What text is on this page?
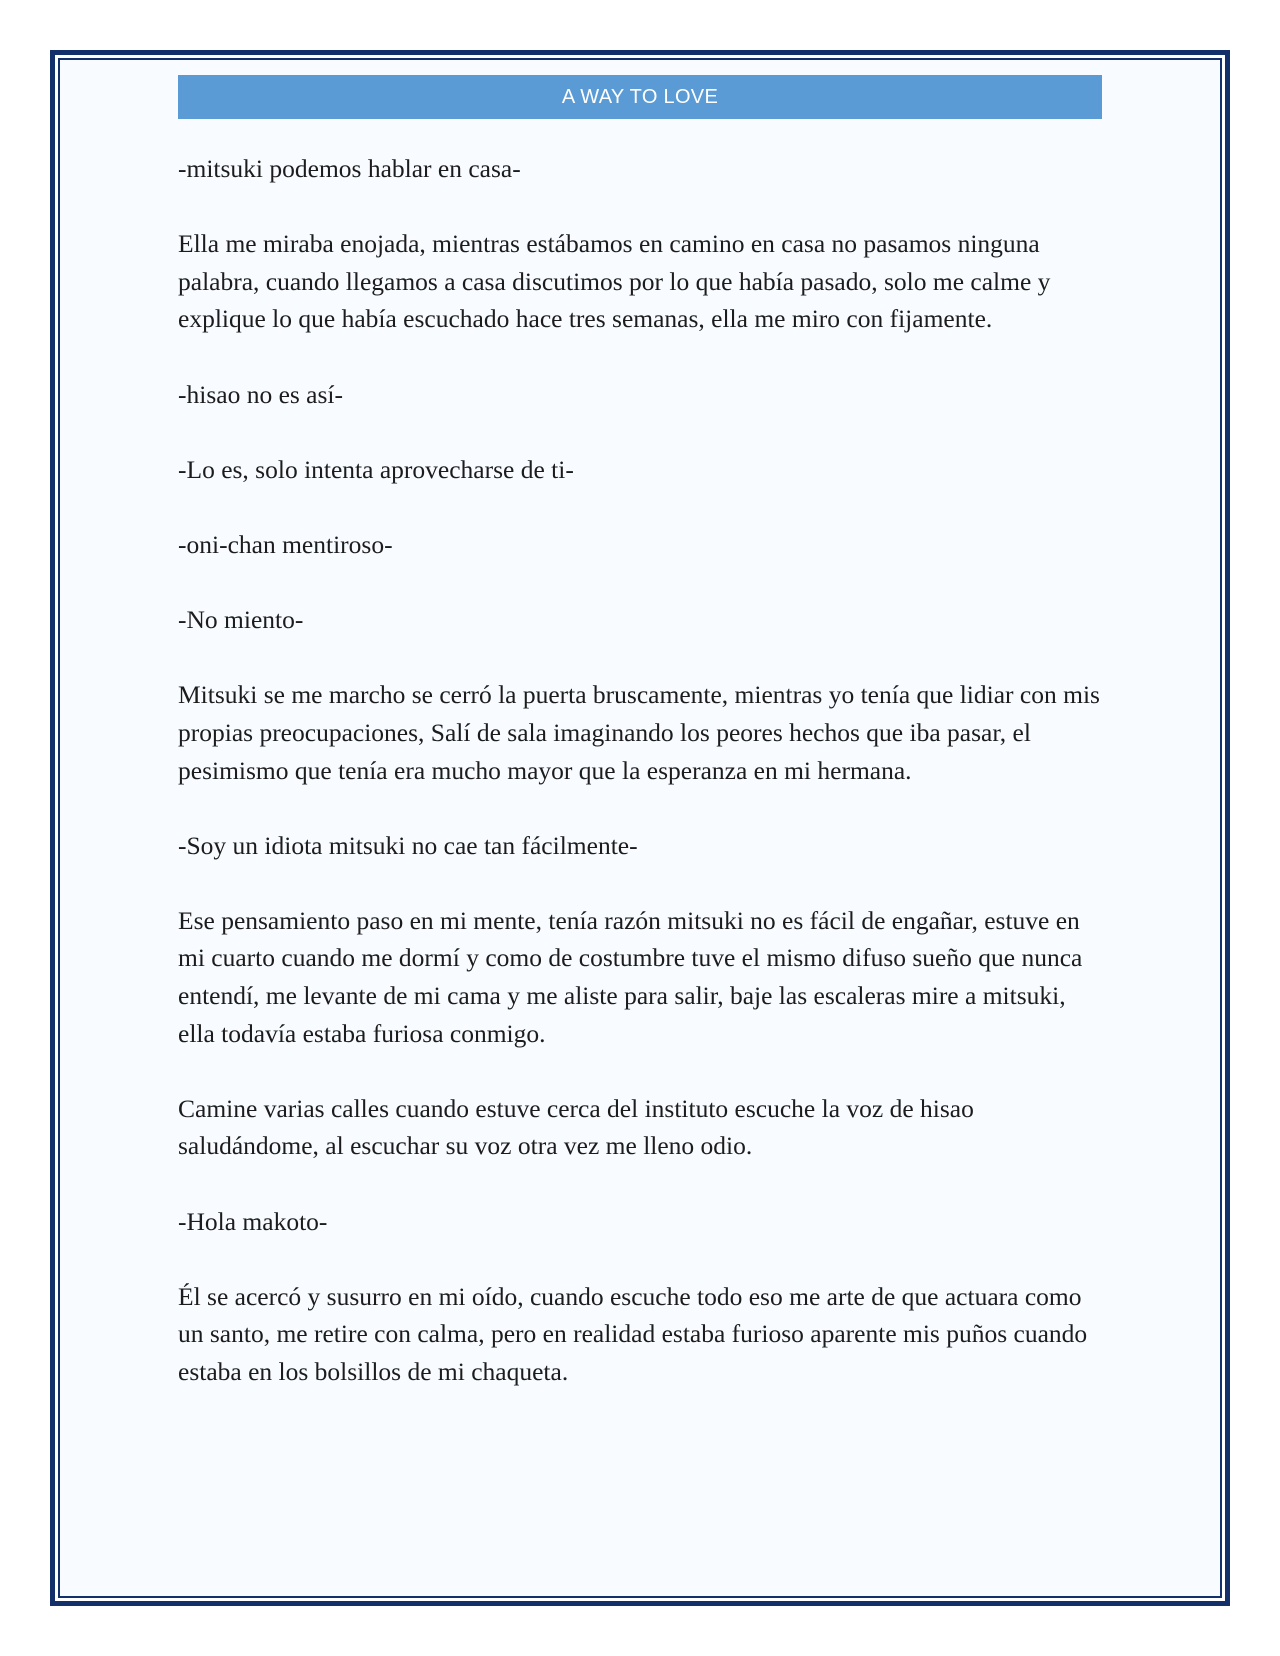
A WAY TO LOVE

-mitsuki podemos hablar en casa-

Ella me miraba enojada, mientras estábamos en camino en casa no pasamos ninguna palabra, cuando llegamos a casa discutimos por lo que había pasado, solo me calme y explique lo que había escuchado hace tres semanas, ella me miro con fijamente.

-hisao no es así-

-Lo es, solo intenta aprovecharse de ti-

-oni-chan mentiroso-

-No miento-

Mitsuki se me marcho se cerró la puerta bruscamente, mientras yo tenía que lidiar con mis propias preocupaciones, Salí de sala imaginando los peores hechos que iba pasar, el pesimismo que tenía era mucho mayor que la esperanza en mi hermana.

-Soy un idiota mitsuki no cae tan fácilmente-

Ese pensamiento paso en mi mente, tenía razón mitsuki no es fácil de engañar, estuve en mi cuarto cuando me dormí y como de costumbre tuve el mismo difuso sueño que nunca entendí, me levante de mi cama y me aliste para salir, baje las escaleras mire a mitsuki, ella todavía estaba furiosa conmigo.

Camine varias calles cuando estuve cerca del instituto escuche la voz de hisao saludándome, al escuchar su voz otra vez me lleno odio.

-Hola makoto-

Él se acercó y susurro en mi oído, cuando escuche todo eso me arte de que actuara como un santo, me retire con calma, pero en realidad estaba furioso aparente mis puños cuando estaba en los bolsillos de mi chaqueta.
